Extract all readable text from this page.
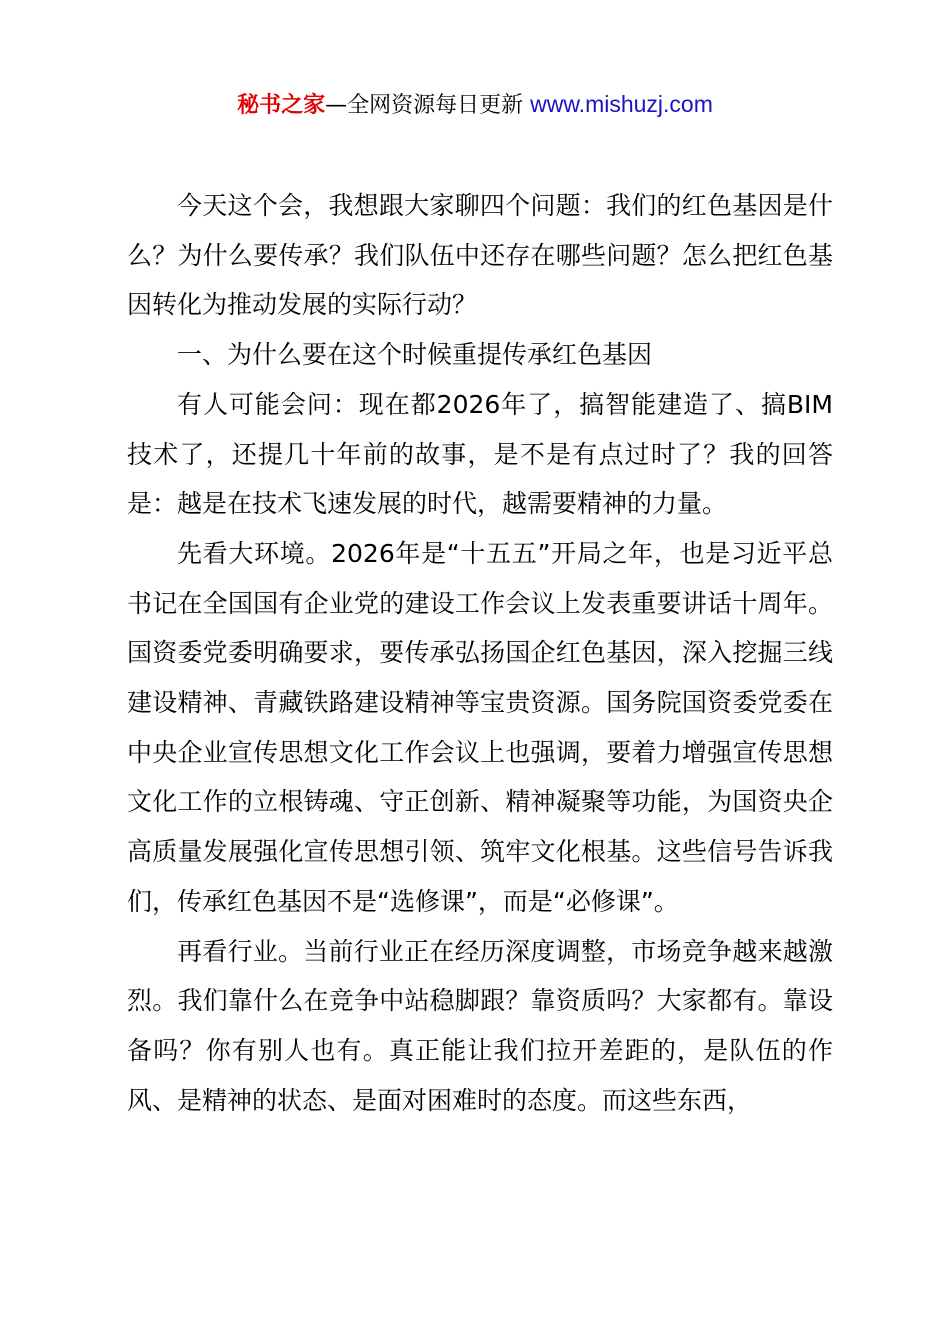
秘书之家—全网资源每日更新 www.mishuzj.com

今天这个会，我想跟大家聊四个问题：我们的红色基因是什么？为什么要传承？我们队伍中还存在哪些问题？怎么把红色基因转化为推动发展的实际行动？

一、为什么要在这个时候重提传承红色基因

有人可能会问：现在都2026年了，搞智能建造了、搞BIM技术了，还提几十年前的故事，是不是有点过时了？我的回答是：越是在技术飞速发展的时代，越需要精神的力量。

先看大环境。2026年是“十五五”开局之年，也是习近平总书记在全国国有企业党的建设工作会议上发表重要讲话十周年。国资委党委明确要求，要传承弘扬国企红色基因，深入挖掘三线建设精神、青藏铁路建设精神等宝贵资源。国务院国资委党委在中央企业宣传思想文化工作会议上也强调，要着力增强宣传思想文化工作的立根铸魂、守正创新、精神凝聚等功能，为国资央企高质量发展强化宣传思想引领、筑牢文化根基。这些信号告诉我们，传承红色基因不是“选修课”，而是“必修课”。

再看行业。当前行业正在经历深度调整，市场竞争越来越激烈。我们靠什么在竞争中站稳脚跟？靠资质吗？大家都有。靠设备吗？你有别人也有。真正能让我们拉开差距的，是队伍的作风、是精神的状态、是面对困难时的态度。而这些东西，
